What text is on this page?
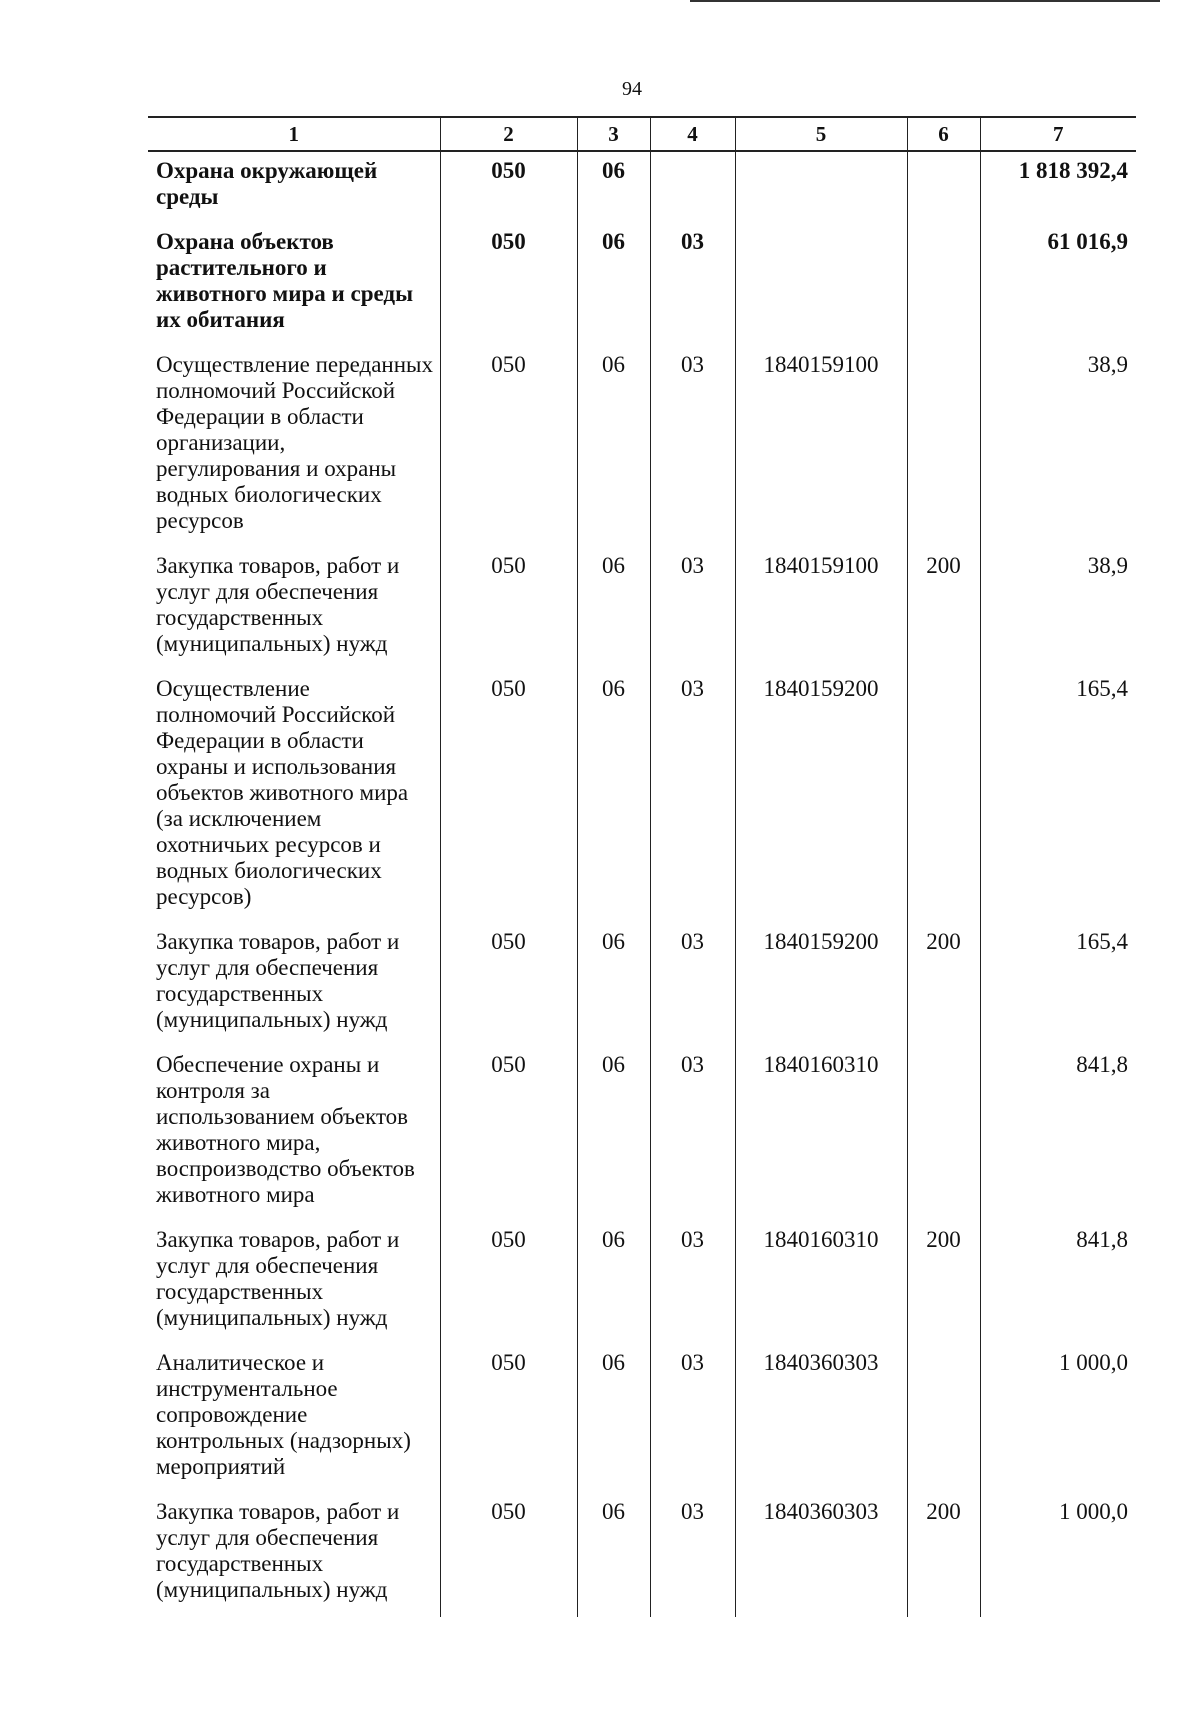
94
1	2	3	4	5	6	7
Охрана окружающей среды	050	06				1 818 392,4
Охрана объектов растительного и животного мира и среды их обитания	050	06	03			61 016,9
Осуществление переданных полномочий Российской Федерации в области организации, регулирования и охраны водных биологических ресурсов	050	06	03	1840159100		38,9
Закупка товаров, работ и услуг для обеспечения государственных (муниципальных) нужд	050	06	03	1840159100	200	38,9
Осуществление полномочий Российской Федерации в области охраны и использования объектов животного мира (за исключением охотничьих ресурсов и водных биологических ресурсов)	050	06	03	1840159200		165,4
Закупка товаров, работ и услуг для обеспечения государственных (муниципальных) нужд	050	06	03	1840159200	200	165,4
Обеспечение охраны и контроля за использованием объектов животного мира, воспроизводство объектов животного мира	050	06	03	1840160310		841,8
Закупка товаров, работ и услуг для обеспечения государственных (муниципальных) нужд	050	06	03	1840160310	200	841,8
Аналитическое и инструментальное сопровождение контрольных (надзорных) мероприятий	050	06	03	1840360303		1 000,0
Закупка товаров, работ и услуг для обеспечения государственных (муниципальных) нужд	050	06	03	1840360303	200	1 000,0
